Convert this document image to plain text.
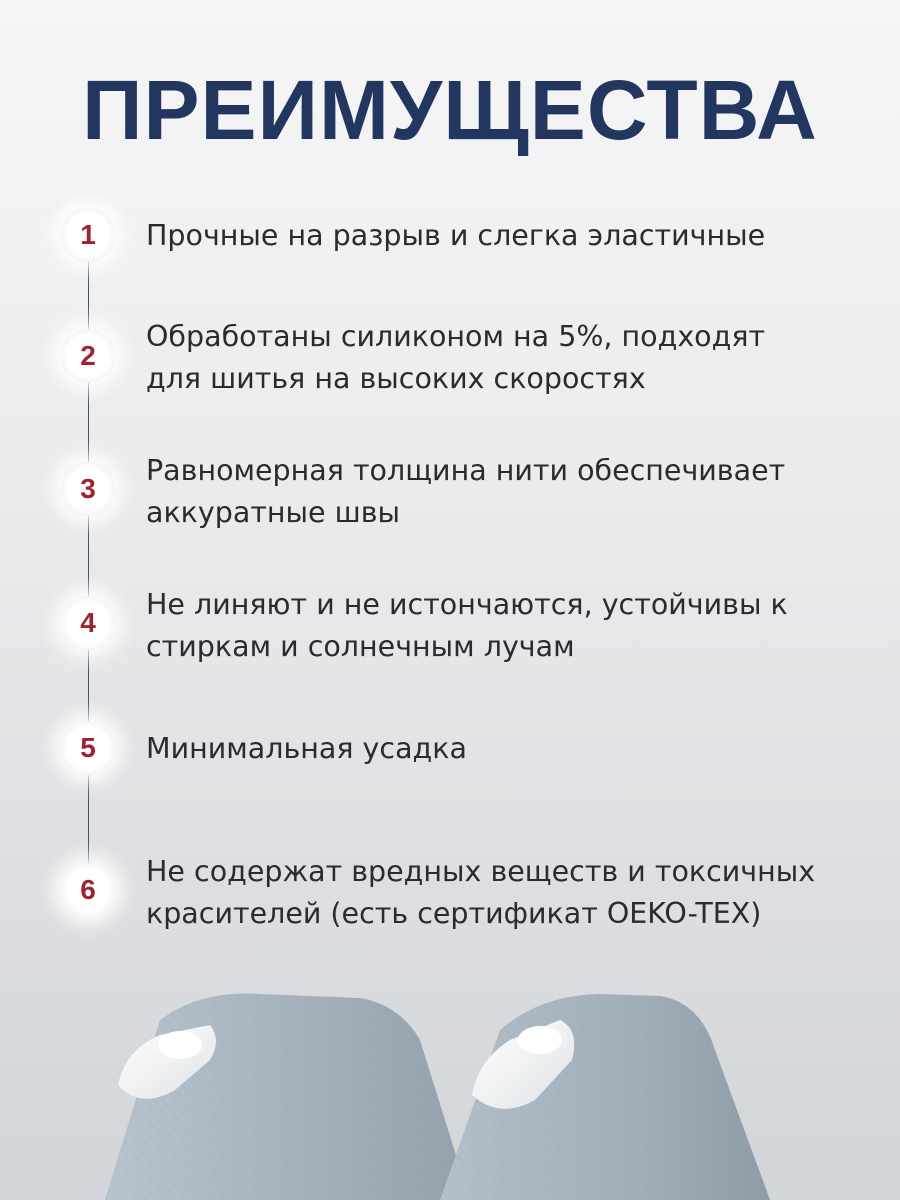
ПРЕИМУЩЕСТВА
1	Прочные на разрыв и слегка эластичные

2

Обработаны силиконом на 5%, подходят для шитья на высоких скоростях

3

Равномерная толщина нити обеспечивает аккуратные швы

4

Не линяют и не истончаются, устойчивы к стиркам и солнечным лучам

5	Минимальная усадка

6

Не содержат вредных веществ и токсичных красителей (есть сертификат OEKO-TEX)
